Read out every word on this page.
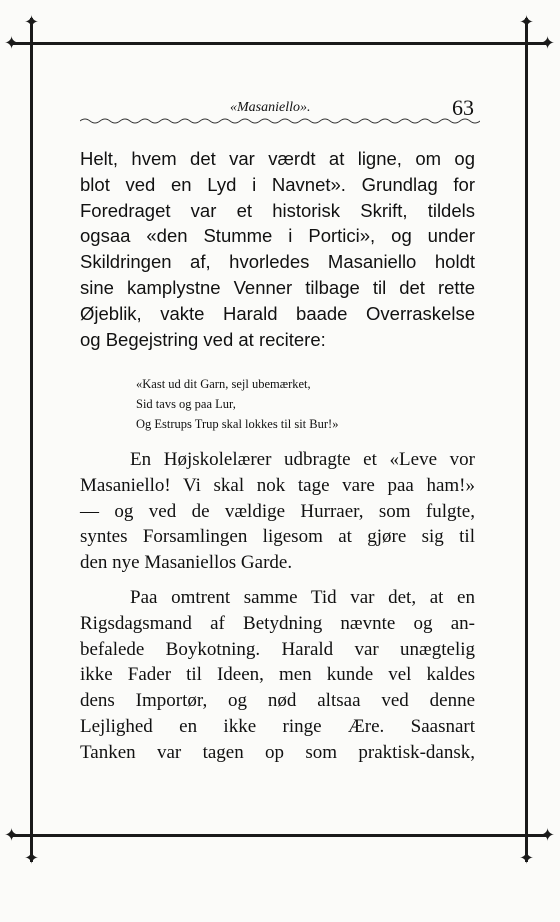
✦	✦
✦	✦
✦	✦
✦	✦
«Masaniello».	63
Helt, hvem det var værdt at ligne, om og
blot ved en Lyd i Navnet». Grundlag for
Foredraget var et historisk Skrift, tildels
ogsaa «den Stumme i Portici», og under
Skildringen af, hvorledes Masaniello holdt
sine kamplystne Venner tilbage til det rette
Øjeblik, vakte Harald baade Overraskelse
og Begejstring ved at recitere:
«Kast ud dit Garn, sejl ubemærket,
Sid tavs og paa Lur,
Og Estrups Trup skal lokkes til sit Bur!»
En Højskolelærer udbragte et «Leve vor
Masaniello! Vi skal nok tage vare paa ham!»
— og ved de vældige Hurraer, som fulgte,
syntes Forsamlingen ligesom at gjøre sig til
den nye Masaniellos Garde.
Paa omtrent samme Tid var det, at en
Rigsdagsmand af Betydning nævnte og an-
befalede Boykotning. Harald var unægtelig
ikke Fader til Ideen, men kunde vel kaldes
dens Importør, og nød altsaa ved denne
Lejlighed en ikke ringe Ære. Saasnart
Tanken var tagen op som praktisk-dansk,
